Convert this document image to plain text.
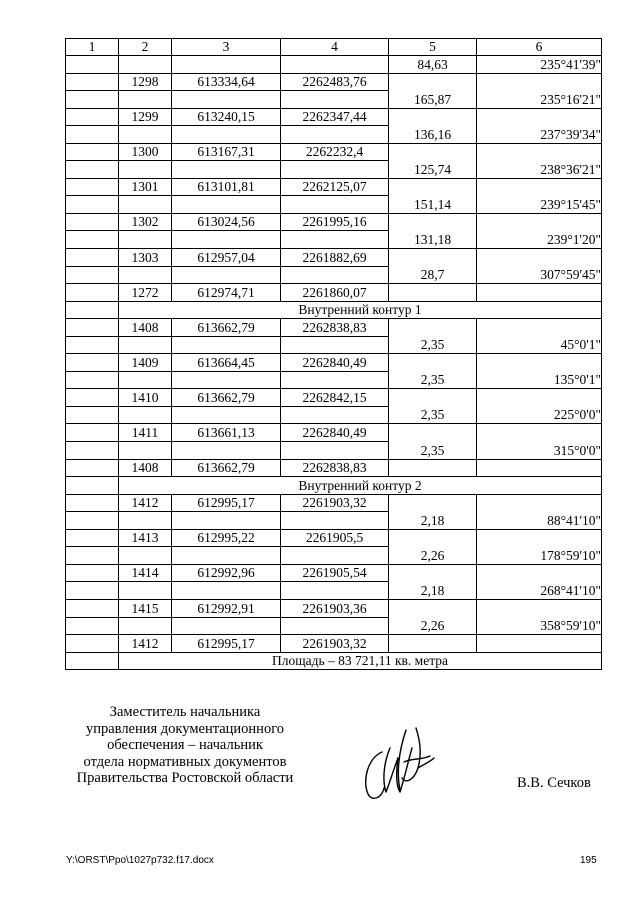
1	2	3	4	5	6
				84,63	235°41'39"
	1298	613334,64	2262483,76		
				165,87	235°16'21"
	1299	613240,15	2262347,44		
				136,16	237°39'34"
	1300	613167,31	2262232,4		
				125,74	238°36'21"
	1301	613101,81	2262125,07		
				151,14	239°15'45"
	1302	613024,56	2261995,16		
				131,18	239°1'20"
	1303	612957,04	2261882,69		
				28,7	307°59'45"
	1272	612974,71	2261860,07		
	Внутренний контур 1				
	1408	613662,79	2262838,83		
				2,35	45°0'1"
	1409	613664,45	2262840,49		
				2,35	135°0'1"
	1410	613662,79	2262842,15		
				2,35	225°0'0"
	1411	613661,13	2262840,49		
				2,35	315°0'0"
	1408	613662,79	2262838,83		
	Внутренний контур 2				
	1412	612995,17	2261903,32		
				2,18	88°41'10"
	1413	612995,22	2261905,5		
				2,26	178°59'10"
	1414	612992,96	2261905,54		
				2,18	268°41'10"
	1415	612992,91	2261903,36		
				2,26	358°59'10"
	1412	612995,17	2261903,32		
	Площадь – 83 721,11 кв. метра				
Заместитель начальника
управления документационного
обеспечения – начальник
отдела нормативных документов
Правительства Ростовской области	В.В. Сечков
Y:\ORST\Ppo\1027p732.f17.docx	195
